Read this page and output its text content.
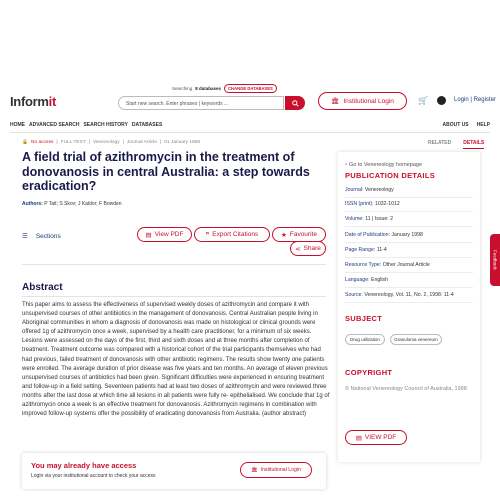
Searching 8 databases	CHANGE DATABASES
Informit	Start new search. Enter phrases | keywords ...	🏛 Institutional Login	🛒	Login | Register
HOME ADVANCED SEARCH SEARCH HISTORY DATABASES	ABOUT US HELP
🔒 No access | FULL TEXT | Venereology | Journal Article | 01 January 1998
A field trial of azithromycin in the treatment of donovanosis in central Australia: a step towards eradication?
Authors: P Tait; S Skov; J Kaldor; F Bowden
☰ Sections	▤ View PDF	❞ Export Citations	★ Favourite
⋖ Share
Abstract

This paper aims to assess the effectiveness of supervised weekly doses of azithromycin and compare it with unsupervised courses of other antibiotics in the management of donovanosis. Central Australian people living in Aboriginal communities in whom a diagnosis of donovanosis was made on histological or clinical grounds were offered 1g of azithromycin once a week, supervised by a health care practitioner, for a minimum of six weeks. Lesions were assessed on the days of the first, third and sixth doses and at three months after completion of treatment. Treatment outcome was compared with a historical cohort of the trial participants themselves who had had previous, failed treatment of donovanosis with other antibiotic regimens. The results show twenty one patients were enrolled. The average duration of prior disease was five years and ten months. An average of eleven previous unsupervised courses of antibiotics had been given. Significant difficulties were experienced in ensuring treatment and follow-up in a field setting. Seventeen patients had at least two doses of azithromycin and were reviewed three months after the last dose at which time all lesions in all patients were fully re- epithelialised. We conclude that 1g of azithromycin once a week is an effective treatment for donovanosis. Azithromycin regimens in combination with improved follow-up systems offer the possibility of eradicating donovanosis from Australia. (author abstract)

You may already have access
Login via your institutional account to check your access
🏛 Institutional Login
RELATED DETAILS
▫ Go to Venereology homepage
PUBLICATION DETAILS
Journal: Venereology
ISSN (print): 1032-1012
Volume: 11 | Issue: 2
Date of Publication: January 1998
Page Range: 11-4
Resource Type: Other Journal Article
Language: English
Source: Venereology, Vol. 11, No. 2, 1998: 11-4
SUBJECT
Drug utilization	Granuloma venereum
COPYRIGHT
© National Venereology Council of Australia, 1998
▤ VIEW PDF
Feedback
